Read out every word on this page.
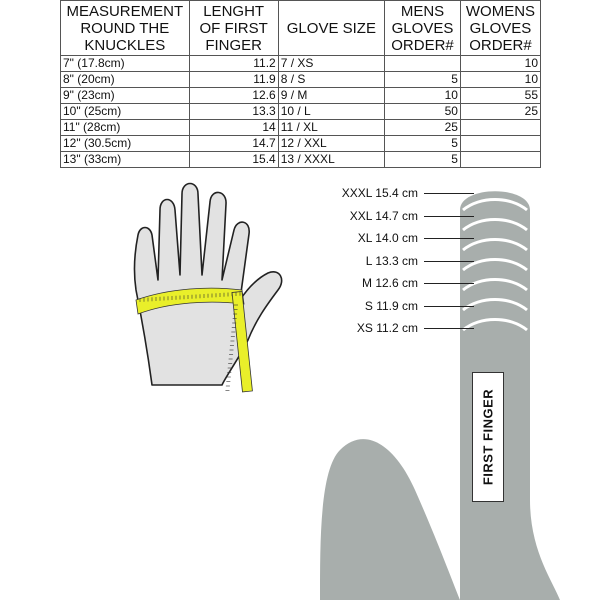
MEASUREMENT ROUND THE KNUCKLES	LENGHT OF FIRST FINGER	GLOVE SIZE	MENS GLOVES ORDER#	WOMENS GLOVES ORDER#
7" (17.8cm)	11.2	7 / XS		10
8" (20cm)	11.9	8 / S	5	10
9" (23cm)	12.6	9 / M	10	55
10" (25cm)	13.3	10 / L	50	25
11" (28cm)	14	11 / XL	25	
12" (30.5cm)	14.7	12 / XXL	5	
13" (33cm)	15.4	13 / XXXL	5	
XXXL 15.4 cm
XXL 14.7 cm
XL 14.0 cm
L 13.3 cm
M 12.6 cm
S 11.9 cm
XS 11.2 cm
FIRST FINGER
